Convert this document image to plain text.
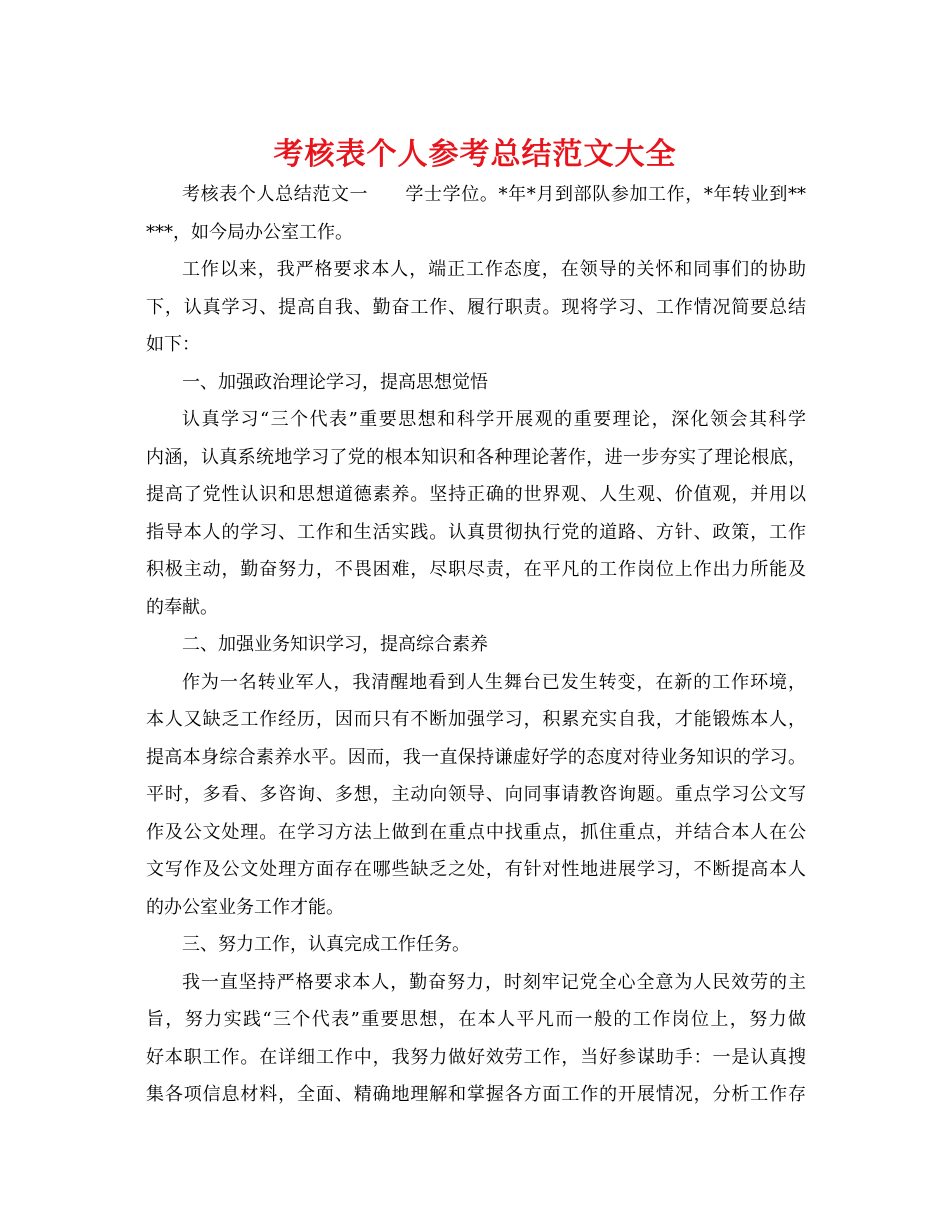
考核表个人参考总结范文大全
考核表个人总结范文一　　学士学位。*年*月到部队参加工作，*年转业到**
***，如今局办公室工作。
工作以来，我严格要求本人，端正工作态度，在领导的关怀和同事们的协助
下，认真学习、提高自我、勤奋工作、履行职责。现将学习、工作情况简要总结
如下：
一、加强政治理论学习，提高思想觉悟
认真学习“三个代表”重要思想和科学开展观的重要理论，深化领会其科学
内涵，认真系统地学习了党的根本知识和各种理论著作，进一步夯实了理论根底，
提高了党性认识和思想道德素养。坚持正确的世界观、人生观、价值观，并用以
指导本人的学习、工作和生活实践。认真贯彻执行党的道路、方针、政策，工作
积极主动，勤奋努力，不畏困难，尽职尽责，在平凡的工作岗位上作出力所能及
的奉献。
二、加强业务知识学习，提高综合素养
作为一名转业军人，我清醒地看到人生舞台已发生转变，在新的工作环境，
本人又缺乏工作经历，因而只有不断加强学习，积累充实自我，才能锻炼本人，
提高本身综合素养水平。因而，我一直保持谦虚好学的态度对待业务知识的学习。
平时，多看、多咨询、多想，主动向领导、向同事请教咨询题。重点学习公文写
作及公文处理。在学习方法上做到在重点中找重点，抓住重点，并结合本人在公
文写作及公文处理方面存在哪些缺乏之处，有针对性地进展学习，不断提高本人
的办公室业务工作才能。
三、努力工作，认真完成工作任务。
我一直坚持严格要求本人，勤奋努力，时刻牢记党全心全意为人民效劳的主
旨，努力实践“三个代表”重要思想，在本人平凡而一般的工作岗位上，努力做
好本职工作。在详细工作中，我努力做好效劳工作，当好参谋助手：一是认真搜
集各项信息材料，全面、精确地理解和掌握各方面工作的开展情况，分析工作存
